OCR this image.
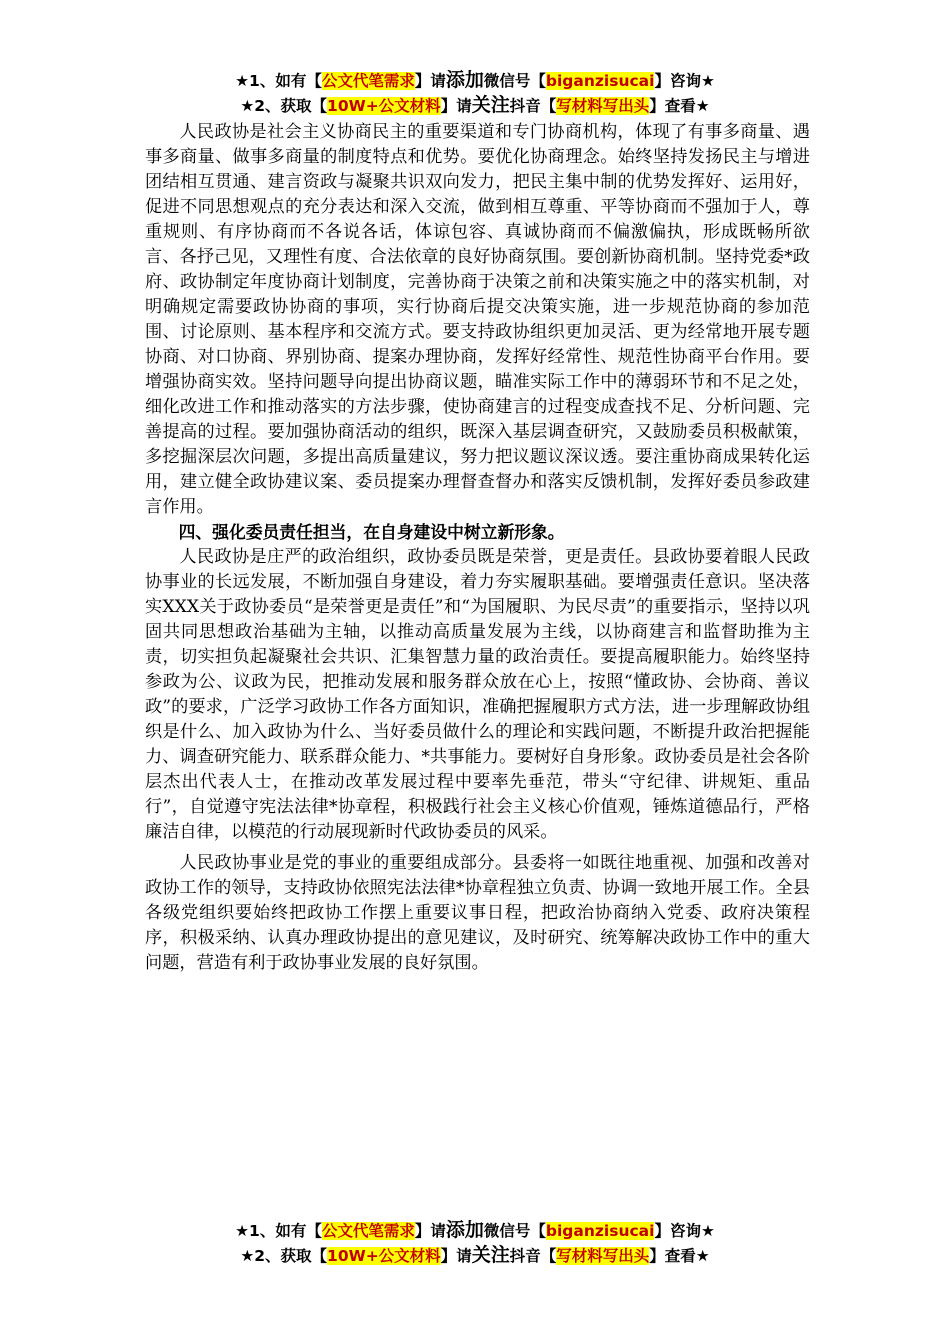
★1、如有【公文代笔需求】请添加微信号【biganzisucai】咨询★
★2、获取【10W+公文材料】请关注抖音【写材料写出头】查看★

人民政协是社会主义协商民主的重要渠道和专门协商机构，体现了有事多商量、遇事多商量、做事多商量的制度特点和优势。要优化协商理念。始终坚持发扬民主与增进团结相互贯通、建言资政与凝聚共识双向发力，把民主集中制的优势发挥好、运用好，促进不同思想观点的充分表达和深入交流，做到相互尊重、平等协商而不强加于人，尊重规则、有序协商而不各说各话，体谅包容、真诚协商而不偏激偏执，形成既畅所欲言、各抒己见，又理性有度、合法依章的良好协商氛围。要创新协商机制。坚持党委*政府、政协制定年度协商计划制度，完善协商于决策之前和决策实施之中的落实机制，对明确规定需要政协协商的事项，实行协商后提交决策实施，进一步规范协商的参加范围、讨论原则、基本程序和交流方式。要支持政协组织更加灵活、更为经常地开展专题协商、对口协商、界别协商、提案办理协商，发挥好经常性、规范性协商平台作用。要增强协商实效。坚持问题导向提出协商议题，瞄准实际工作中的薄弱环节和不足之处，细化改进工作和推动落实的方法步骤，使协商建言的过程变成查找不足、分析问题、完善提高的过程。要加强协商活动的组织，既深入基层调查研究，又鼓励委员积极献策，多挖掘深层次问题，多提出高质量建议，努力把议题议深议透。要注重协商成果转化运用，建立健全政协建议案、委员提案办理督查督办和落实反馈机制，发挥好委员参政建言作用。

四、强化委员责任担当，在自身建设中树立新形象。

人民政协是庄严的政治组织，政协委员既是荣誉，更是责任。县政协要着眼人民政协事业的长远发展，不断加强自身建设，着力夯实履职基础。要增强责任意识。坚决落实XXX关于政协委员“是荣誉更是责任”和“为国履职、为民尽责”的重要指示，坚持以巩固共同思想政治基础为主轴，以推动高质量发展为主线，以协商建言和监督助推为主责，切实担负起凝聚社会共识、汇集智慧力量的政治责任。要提高履职能力。始终坚持参政为公、议政为民，把推动发展和服务群众放在心上，按照“懂政协、会协商、善议政”的要求，广泛学习政协工作各方面知识，准确把握履职方式方法，进一步理解政协组织是什么、加入政协为什么、当好委员做什么的理论和实践问题，不断提升政治把握能力、调查研究能力、联系群众能力、*共事能力。要树好自身形象。政协委员是社会各阶层杰出代表人士，在推动改革发展过程中要率先垂范，带头“守纪律、讲规矩、重品行”，自觉遵守宪法法律*协章程，积极践行社会主义核心价值观，锤炼道德品行，严格廉洁自律，以模范的行动展现新时代政协委员的风采。

人民政协事业是党的事业的重要组成部分。县委将一如既往地重视、加强和改善对政协工作的领导，支持政协依照宪法法律*协章程独立负责、协调一致地开展工作。全县各级党组织要始终把政协工作摆上重要议事日程，把政治协商纳入党委、政府决策程序，积极采纳、认真办理政协提出的意见建议，及时研究、统筹解决政协工作中的重大问题，营造有利于政协事业发展的良好氛围。

★1、如有【公文代笔需求】请添加微信号【biganzisucai】咨询★
★2、获取【10W+公文材料】请关注抖音【写材料写出头】查看★
